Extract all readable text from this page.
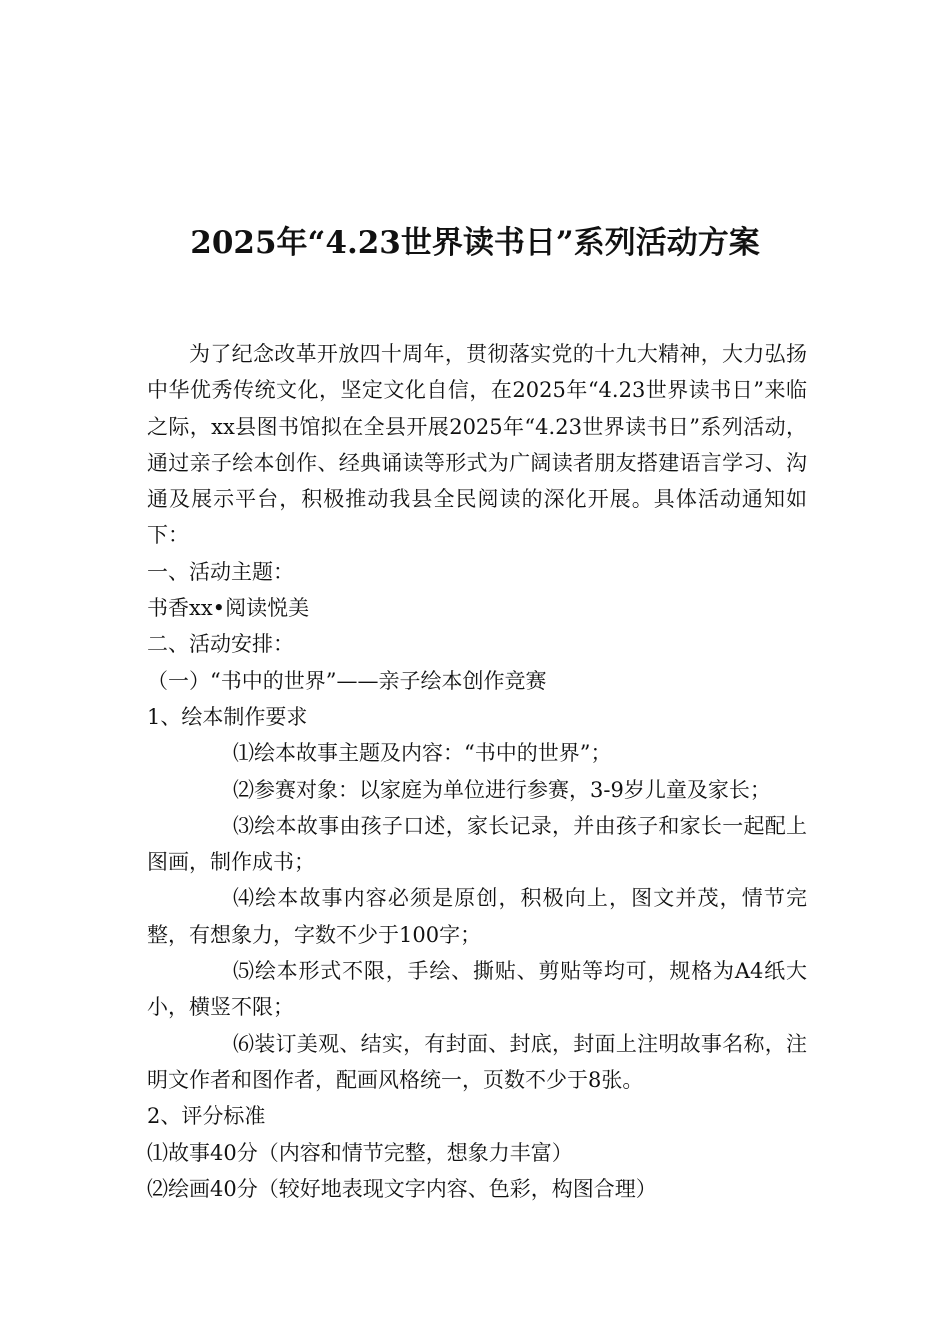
2025年“4.23世界读书日”系列活动方案

为了纪念改革开放四十周年，贯彻落实党的十九大精神，大力弘扬中华优秀传统文化，坚定文化自信，在2025年“4.23世界读书日”来临之际，xx县图书馆拟在全县开展2025年“4.23世界读书日”系列活动，通过亲子绘本创作、经典诵读等形式为广阔读者朋友搭建语言学习、沟通及展示平台，积极推动我县全民阅读的深化开展。具体活动通知如下：

一、活动主题：

书香xx•阅读悦美

二、活动安排：

（一）“书中的世界”——亲子绘本创作竞赛

1、绘本制作要求

⑴绘本故事主题及内容：“书中的世界”；

⑵参赛对象：以家庭为单位进行参赛，3-9岁儿童及家长；

⑶绘本故事由孩子口述，家长记录，并由孩子和家长一起配上图画，制作成书；

⑷绘本故事内容必须是原创，积极向上，图文并茂，情节完整，有想象力，字数不少于100字；

⑸绘本形式不限，手绘、撕贴、剪贴等均可，规格为A4纸大小，横竖不限；

⑹装订美观、结实，有封面、封底，封面上注明故事名称，注明文作者和图作者，配画风格统一，页数不少于8张。

2、评分标准

⑴故事40分（内容和情节完整，想象力丰富）

⑵绘画40分（较好地表现文字内容、色彩，构图合理）
